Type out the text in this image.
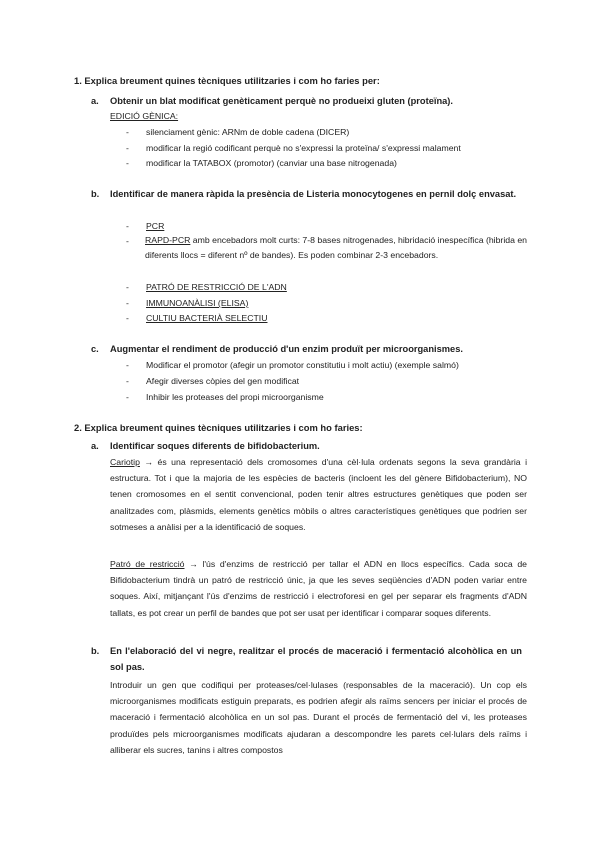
1. Explica breument quines tècniques utilitzaries i com ho faries per:
a. Obtenir un blat modificat genèticament perquè no produeixi gluten (proteïna).
EDICIÓ GÈNICA:
- silenciament gènic: ARNm de doble cadena (DICER)
- modificar la regió codificant perquè no s'expressi la proteïna/ s'expressi malament
- modificar la TATABOX (promotor) (canviar una base nitrogenada)
b. Identificar de manera ràpida la presència de Listeria monocytogenes en pernil dolç envasat.
- PCR
- RAPD-PCR amb encebadors molt curts: 7-8 bases nitrogenades, hibridació inespecífica (hibrida en diferents llocs = diferent nº de bandes). Es poden combinar 2-3 encebadors.
- PATRÓ DE RESTRICCIÓ DE L'ADN
- IMMUNOANÀLISI (ELISA)
- CULTIU BACTERIÀ SELECTIU
c. Augmentar el rendiment de producció d'un enzim produït per microorganismes.
- Modificar el promotor (afegir un promotor constitutiu i molt actiu) (exemple salmó)
- Afegir diverses còpies del gen modificat
- Inhibir les proteases del propi microorganisme
2. Explica breument quines tècniques utilitzaries i com ho faries:
a. Identificar soques diferents de bifidobacterium.
Cariotip → és una representació dels cromosomes d'una cèl·lula ordenats segons la seva grandària i estructura. Tot i que la majoria de les espècies de bacteris (incloent les del gènere Bifidobacterium), NO tenen cromosomes en el sentit convencional, poden tenir altres estructures genètiques que poden ser analitzades com, plàsmids, elements genètics mòbils o altres característiques genètiques que podrien ser sotmeses a anàlisi per a la identificació de soques.
Patró de restricció → l'ús d'enzims de restricció per tallar el ADN en llocs específics. Cada soca de Bifidobacterium tindrà un patró de restricció únic, ja que les seves seqüències d'ADN poden variar entre soques. Així, mitjançant l'ús d'enzims de restricció i electroforesi en gel per separar els fragments d'ADN tallats, es pot crear un perfil de bandes que pot ser usat per identificar i comparar soques diferents.
b. En l'elaboració del vi negre, realitzar el procés de maceració i fermentació alcohòlica en un sol pas.
Introduir un gen que codifiqui per proteases/cel·lulases (responsables de la maceració). Un cop els microorganismes modificats estiguin preparats, es podrien afegir als raïms sencers per iniciar el procés de maceració i fermentació alcohòlica en un sol pas. Durant el procés de fermentació del vi, les proteases produïdes pels microorganismes modificats ajudaran a descompondre les parets cel·lulars dels raïms i alliberar els sucres, tanins i altres compostos
